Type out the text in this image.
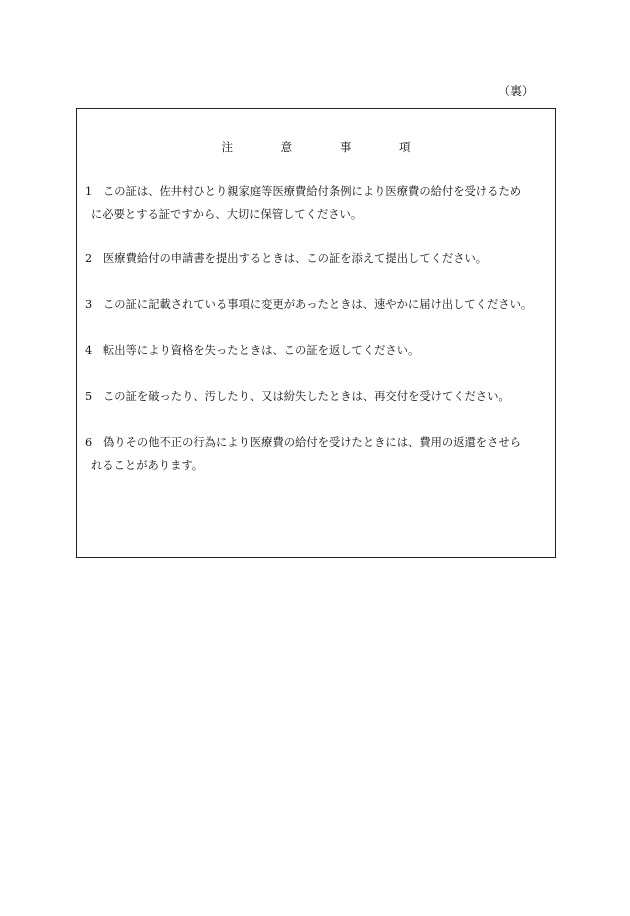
（裏）
注	意	事	項
1 この証は、佐井村ひとり親家庭等医療費給付条例により医療費の給付を受けるため
に必要とする証ですから、大切に保管してください。
2 医療費給付の申請書を提出するときは、この証を添えて提出してください。
3 この証に記載されている事項に変更があったときは、速やかに届け出してください。
4 転出等により資格を失ったときは、この証を返してください。
5 この証を破ったり、汚したり、又は紛失したときは、再交付を受けてください。
6 偽りその他不正の行為により医療費の給付を受けたときには、費用の返還をさせら
れることがあります。
